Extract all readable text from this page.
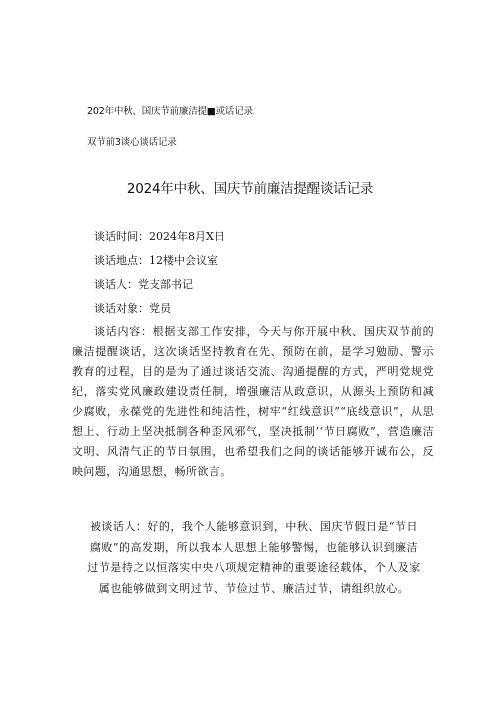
202年中秋、国庆节前廉洁提■或话记录
双节前3谈心谈话记录
2024年中秋、国庆节前廉洁提醒谈话记录
谈话时间：2024年8月X日
谈话地点：12楼中会议室
谈话人：党支部书记
谈话对象：党员
谈话内容：根据支部工作安排，今天与你开展中秋、国庆双节前的廉洁提醒谈话，这次谈话坚持教育在先、预防在前，是学习勉励、警示教育的过程，目的是为了通过谈话交流、沟通提醒的方式，严明党规党纪，落实党风廉政建设责任制，增强廉洁从政意识，从源头上预防和减少腐败，永葆党的先进性和纯洁性，树牢“红线意识”“底线意识”，从思想上、行动上坚决抵制各种歪风邪气，坚决抵制’‘节日腐败”，营造廉洁文明、风清气正的节日氛围，也希望我们之间的谈话能够开诚布公，反映问题，沟通思想，畅所欲言。
被谈话人：好的，我个人能够意识到，中秋、国庆节假日是“节日
腐败”的高发期，所以我本人思想上能够警惕，也能够认识到廉洁
过节是持之以恒落实中央八项规定精神的重要途径载体，个人及家
属也能够做到文明过节、节俭过节、廉洁过节，请组织放心。
